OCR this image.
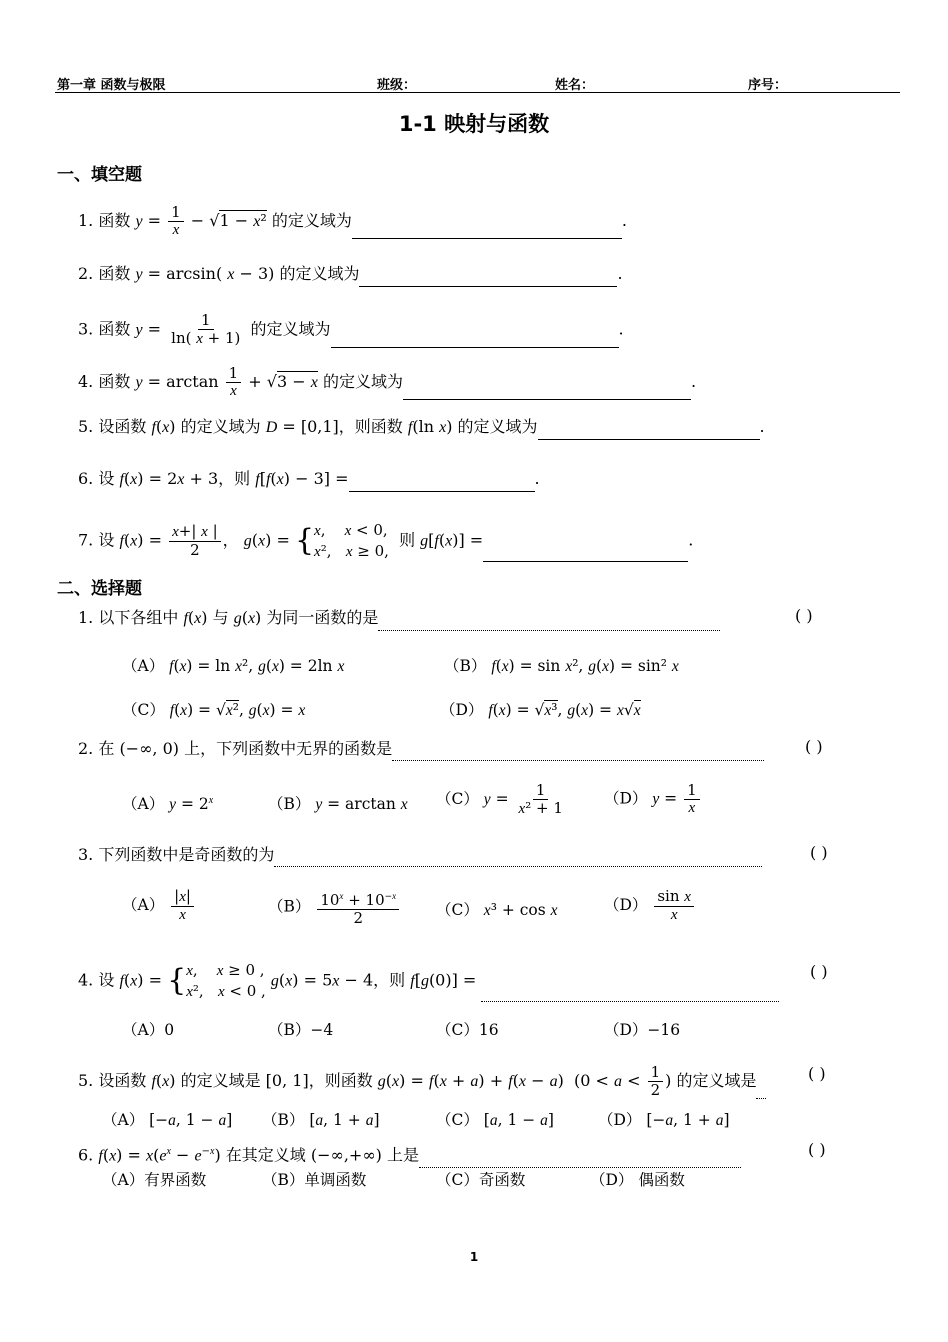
第一章 函数与极限	班级：	姓名：	序号：
1-1 映射与函数
一、填空题
1. 函数 $y = \frac{1}{x} - √1 - x^2$ 的定义域为	.
2. 函数 y = arcsin( x − 3) 的定义域为	.
3. 函数 $y = \frac{1}{\ln( x + 1)}$ 的定义域为	.
4. 函数 $y = \arctan \frac{1}{x} + √3 - x$ 的定义域为	.
5. 设函数 f(x) 的定义域为 D = [0,1]，则函数 f(ln x) 的定义域为	.
6. 设 f(x) = 2x + 3，则 f[f(x) − 3] =	.
7. 设 $f(x) = \frac{x+| x |}{2}$ ， g(x) = { x,    x < 0,
x²,   x ≥ 0,
则 g[f(x)] =	.
二、选择题
1. 以下各组中 f(x) 与 g(x) 为同一函数的是	( )
（A） f(x) = ln x², g(x) = 2ln x	（B） f(x) = sin x², g(x) = sin² x
（C） f(x) = √x², g(x) = x	（D） f(x) = √x³, g(x) = x√x
2. 在 (−∞, 0) 上，下列函数中无界的函数是	( )
（A） $y = 2^x$	（B） y = arctan x （C） $y = \frac{1}{\text{x² + 1}} (D) y = \frac{1}{x}$
3. 下列函数中是奇函数的为	( )
$(A) \frac{|x|}{x}$	$(B) \frac{10^x + 10^{-x}}{2} (C) x^3 + \cos x$	$(D) \frac{\text{sin x}}{x}$
4. 设 f(x) = { x,    x ≥ 0 ,
x²,   x < 0 ,
g(x) = 5x − 4，则 f[g(0)] =	( )
（A）0	（B）−4	（C）16	（D）−16
5. 设函数 f(x) 的定义域是 [0, 1]，则函数 g(x) = f(x + a) + f(x − a)  ($0 < a < \frac{1}{2}$ ) 的定义域是	( )
（A） [−a, 1 − a] （B） [a, 1 + a]	（C） [a, 1 − a]	（D） [−a, 1 + a]
6. $f(x) = x(e^x - e^{-x})$ 在其定义域 (−∞,+∞) 上是	( )
（A）有界函数	（B）单调函数	（C）奇函数	（D） 偶函数
1
